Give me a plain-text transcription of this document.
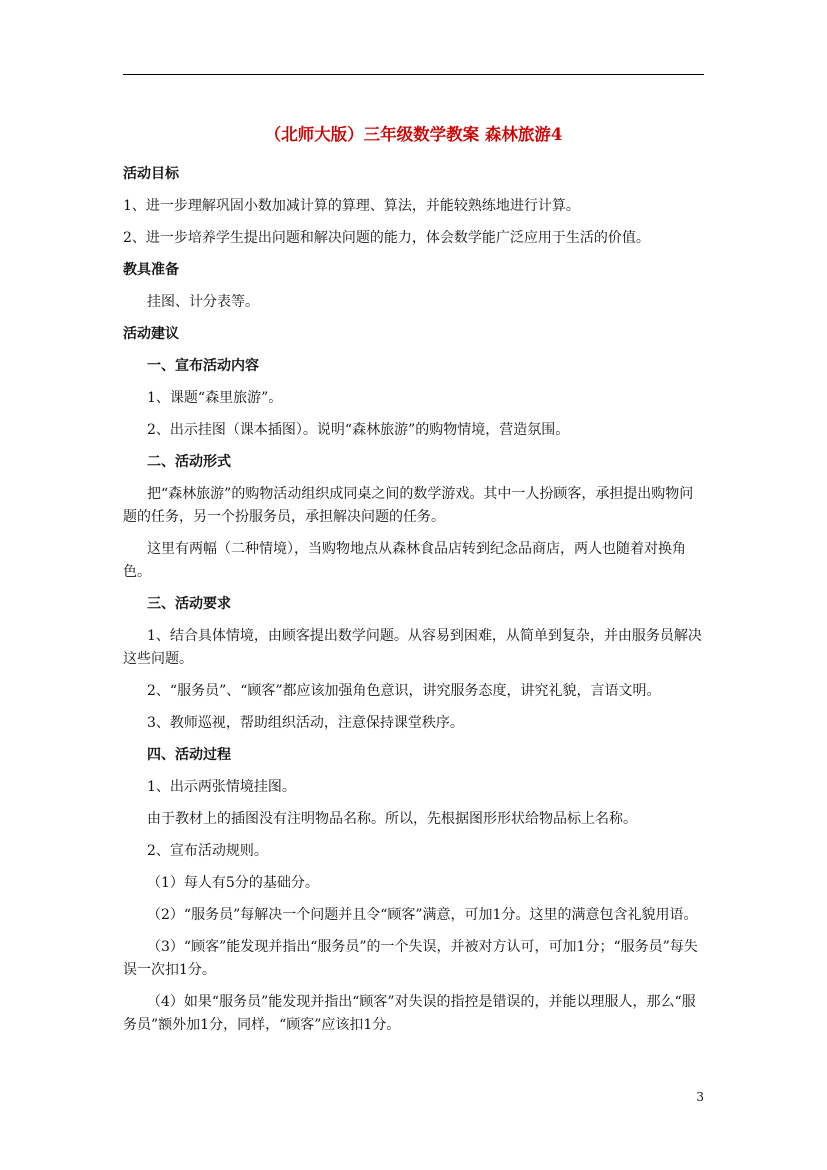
（北师大版）三年级数学教案 森林旅游4
活动目标
1、进一步理解巩固小数加减计算的算理、算法，并能较熟练地进行计算。
2、进一步培养学生提出问题和解决问题的能力，体会数学能广泛应用于生活的价值。
教具准备
挂图、计分表等。
活动建议
一、宣布活动内容
1、课题“森里旅游”。
2、出示挂图（课本插图）。说明“森林旅游”的购物情境，营造氛围。
二、活动形式
把“森林旅游”的购物活动组织成同桌之间的数学游戏。其中一人扮顾客，承担提出购物问题的任务，另一个扮服务员，承担解决问题的任务。
这里有两幅（二种情境），当购物地点从森林食品店转到纪念品商店，两人也随着对换角色。
三、活动要求
1、结合具体情境，由顾客提出数学问题。从容易到困难，从简单到复杂，并由服务员解决这些问题。
2、“服务员”、“顾客”都应该加强角色意识，讲究服务态度，讲究礼貌，言语文明。
3、教师巡视，帮助组织活动，注意保持课堂秩序。
四、活动过程
1、出示两张情境挂图。
由于教材上的插图没有注明物品名称。所以，先根据图形形状给物品标上名称。
2、宣布活动规则。
（1）每人有5分的基础分。
（2）“服务员”每解决一个问题并且令“顾客”满意，可加1分。这里的满意包含礼貌用语。
（3）“顾客”能发现并指出“服务员”的一个失误，并被对方认可，可加1分；“服务员”每失误一次扣1分。
（4）如果“服务员”能发现并指出“顾客”对失误的指控是错误的，并能以理服人，那么“服务员”额外加1分，同样，“顾客”应该扣1分。
3
